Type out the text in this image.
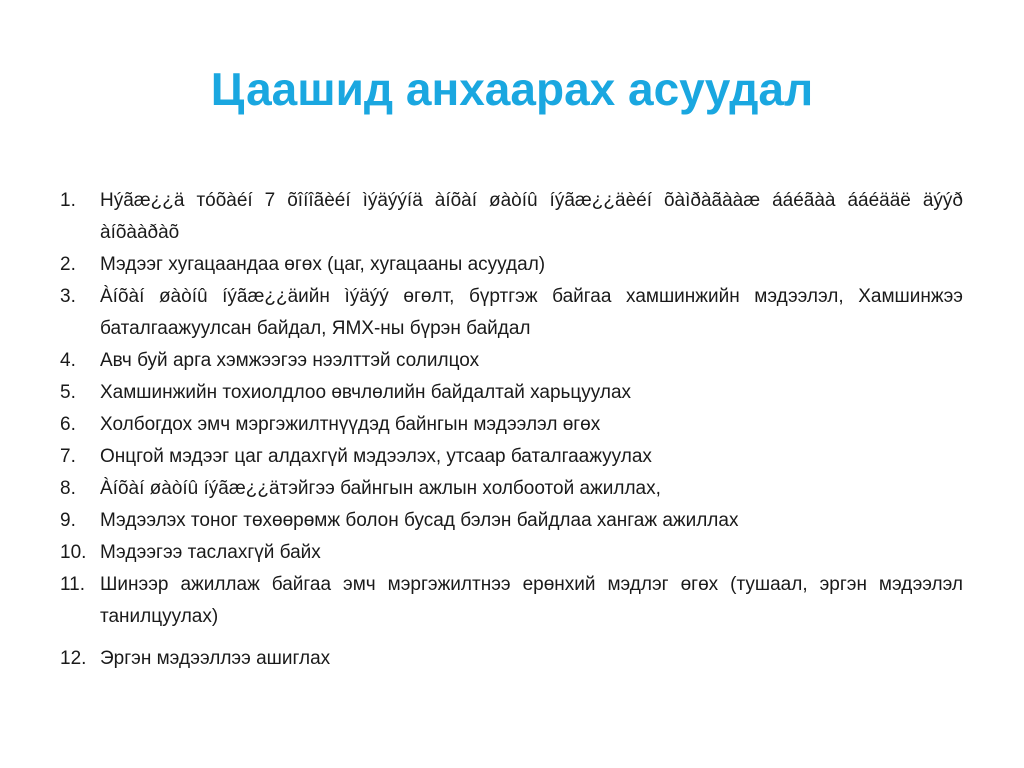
Цаашид анхаарах асуудал
1.	Нýãæ¿¿ä тóõàéí 7 õîíîãèéí ìýäýýíä àíõàí øàòíû íýãæ¿¿äèéí õàìðàãààæ ááéãàà ááéääë äýýð àíõààðàõ
2.	Мэдээг хугацаандаа өгөх (цаг, хугацааны асуудал)
3.	Àíõàí øàòíû íýãæ¿¿äийн ìýäýý өгөлт, бүртгэж байгаа хамшинжийн мэдээлэл, Хамшинжээ баталгаажуулсан байдал, ЯМХ-ны бүрэн байдал
4.	Авч буй арга хэмжээгээ нээлттэй солилцох
5.	Хамшинжийн тохиолдлоо өвчлөлийн байдалтай харьцуулах
6.	Холбогдох эмч мэргэжилтнүүдэд байнгын мэдээлэл өгөх
7.	Онцгой мэдээг цаг алдахгүй мэдээлэх, утсаар баталгаажуулах
8.	Àíõàí øàòíû íýãæ¿¿äтэйгээ байнгын ажлын холбоотой ажиллах,
9.	Мэдээлэх тоног төхөөрөмж болон бусад бэлэн байдлаа хангаж ажиллах
10. Мэдээгээ таслахгүй байх
11. Шинээр ажиллаж байгаа эмч мэргэжилтнээ ерөнхий мэдлэг өгөх (тушаал, эргэн мэдээлэл танилцуулах)
12. Эргэн мэдээллээ ашиглах
